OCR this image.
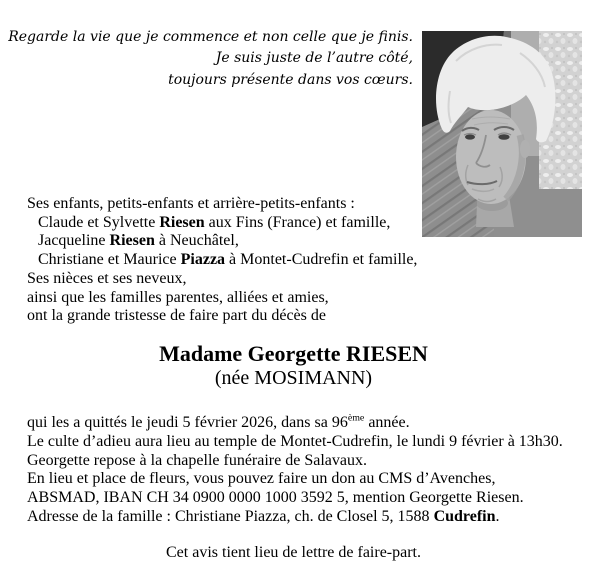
Regarde la vie que je commence et non celle que je finis.
Je suis juste de l’autre côté,
toujours présente dans vos cœurs.
Ses enfants, petits-enfants et arrière-petits-enfants :
Claude et Sylvette Riesen aux Fins (France) et famille,
Jacqueline Riesen à Neuchâtel,
Christiane et Maurice Piazza à Montet-Cudrefin et famille,
Ses nièces et ses neveux,
ainsi que les familles parentes, alliées et amies,
ont la grande tristesse de faire part du décès de
Madame Georgette RIESEN
(née MOSIMANN)
qui les a quittés le jeudi 5 février 2026, dans sa 96ème année.
Le culte d’adieu aura lieu au temple de Montet-Cudrefin, le lundi 9 février à 13h30.
Georgette repose à la chapelle funéraire de Salavaux.
En lieu et place de fleurs, vous pouvez faire un don au CMS d’Avenches,
ABSMAD, IBAN CH 34 0900 0000 1000 3592 5, mention Georgette Riesen.
Adresse de la famille : Christiane Piazza, ch. de Closel 5, 1588 Cudrefin.
Cet avis tient lieu de lettre de faire-part.
